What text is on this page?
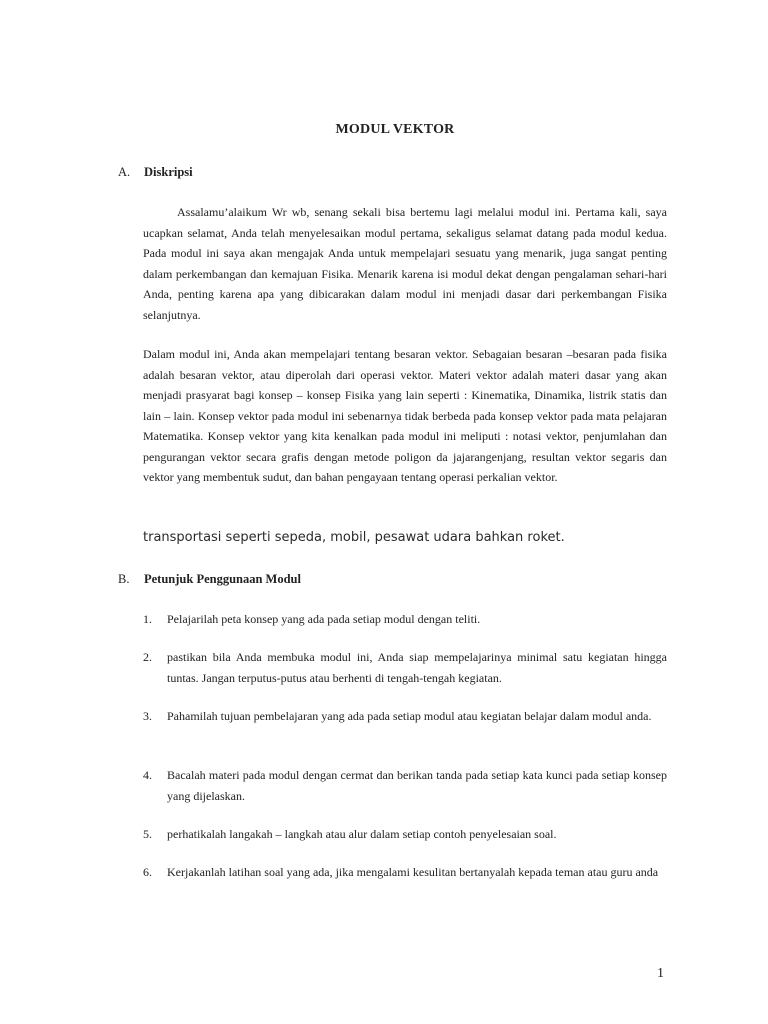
MODUL VEKTOR
A. Diskripsi

Assalamu’alaikum Wr wb, senang sekali bisa bertemu lagi melalui modul ini. Pertama kali, saya ucapkan selamat, Anda telah menyelesaikan modul pertama, sekaligus selamat datang pada modul kedua. Pada modul ini saya akan mengajak Anda untuk mempelajari sesuatu yang menarik, juga sangat penting dalam perkembangan dan kemajuan Fisika. Menarik karena isi modul dekat dengan pengalaman sehari-hari Anda, penting karena apa yang dibicarakan dalam modul ini menjadi dasar dari perkembangan Fisika selanjutnya.

Dalam modul ini, Anda akan mempelajari tentang besaran vektor. Sebagaian besaran –besaran pada fisika adalah besaran vektor, atau diperolah dari operasi vektor. Materi vektor adalah materi dasar yang akan menjadi prasyarat bagi konsep – konsep Fisika yang lain seperti : Kinematika, Dinamika, listrik statis dan lain – lain. Konsep vektor pada modul ini sebenarnya tidak berbeda pada konsep vektor pada mata pelajaran Matematika. Konsep vektor yang kita kenalkan pada modul ini meliputi : notasi vektor, penjumlahan dan pengurangan vektor secara grafis dengan metode poligon da jajarangenjang, resultan vektor segaris dan vektor yang membentuk sudut, dan bahan pengayaan tentang operasi perkalian vektor.

transportasi seperti sepeda, mobil, pesawat udara bahkan roket.
B. Petunjuk Penggunaan Modul
1. Pelajarilah peta konsep yang ada pada setiap modul dengan teliti.
2. pastikan bila Anda membuka modul ini, Anda siap mempelajarinya minimal satu kegiatan hingga tuntas. Jangan terputus-putus atau berhenti di tengah-tengah kegiatan.
3. Pahamilah tujuan pembelajaran yang ada pada setiap modul atau kegiatan belajar dalam modul anda.
4. Bacalah materi pada modul dengan cermat dan berikan tanda pada setiap kata kunci pada setiap konsep yang dijelaskan.
5. perhatikalah langakah – langkah atau alur dalam setiap contoh penyelesaian soal.
6. Kerjakanlah latihan soal yang ada, jika mengalami kesulitan bertanyalah kepada teman atau guru anda
1
